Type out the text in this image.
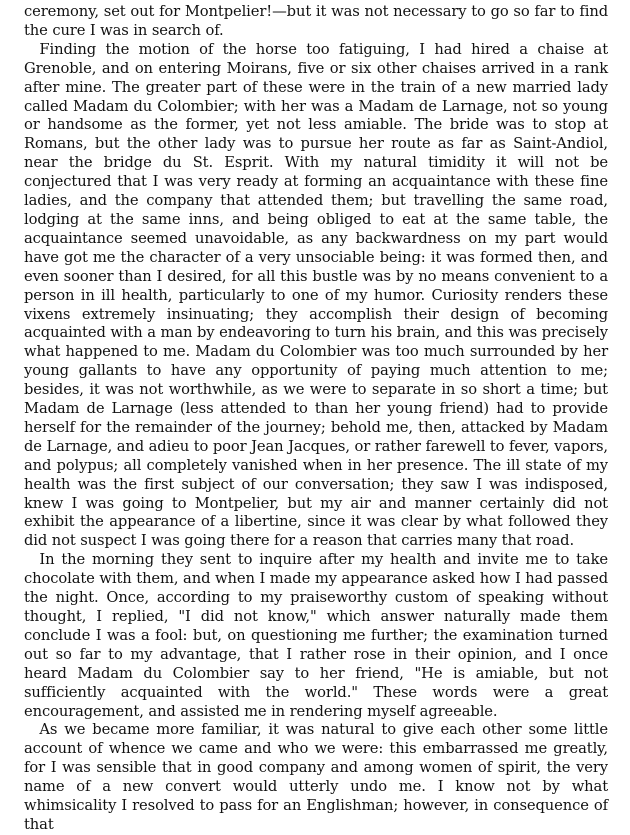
ceremony, set out for Montpelier!—but it was not necessary to go so far to find the cure I was in search of.

Finding the motion of the horse too fatiguing, I had hired a chaise at Grenoble, and on entering Moirans, five or six other chaises arrived in a rank after mine. The greater part of these were in the train of a new married lady called Madam du Colombier; with her was a Madam de Larnage, not so young or handsome as the former, yet not less amiable. The bride was to stop at Romans, but the other lady was to pursue her route as far as Saint-Andiol, near the bridge du St. Esprit. With my natural timidity it will not be conjectured that I was very ready at forming an acquaintance with these fine ladies, and the company that attended them; but travelling the same road, lodging at the same inns, and being obliged to eat at the same table, the acquaintance seemed unavoidable, as any backwardness on my part would have got me the character of a very unsociable being: it was formed then, and even sooner than I desired, for all this bustle was by no means convenient to a person in ill health, particularly to one of my humor. Curiosity renders these vixens extremely insinuating; they accomplish their design of becoming acquainted with a man by endeavoring to turn his brain, and this was precisely what happened to me. Madam du Colombier was too much surrounded by her young gallants to have any opportunity of paying much attention to me; besides, it was not worthwhile, as we were to separate in so short a time; but Madam de Larnage (less attended to than her young friend) had to provide herself for the remainder of the journey; behold me, then, attacked by Madam de Larnage, and adieu to poor Jean Jacques, or rather farewell to fever, vapors, and polypus; all completely vanished when in her presence. The ill state of my health was the first subject of our conversation; they saw I was indisposed, knew I was going to Montpelier, but my air and manner certainly did not exhibit the appearance of a libertine, since it was clear by what followed they did not suspect I was going there for a reason that carries many that road.

In the morning they sent to inquire after my health and invite me to take chocolate with them, and when I made my appearance asked how I had passed the night. Once, according to my praiseworthy custom of speaking without thought, I replied, "I did not know," which answer naturally made them conclude I was a fool: but, on questioning me further; the examination turned out so far to my advantage, that I rather rose in their opinion, and I once heard Madam du Colombier say to her friend, "He is amiable, but not sufficiently acquainted with the world." These words were a great encouragement, and assisted me in rendering myself agreeable.

As we became more familiar, it was natural to give each other some little account of whence we came and who we were: this embarrassed me greatly, for I was sensible that in good company and among women of spirit, the very name of a new convert would utterly undo me. I know not by what whimsicality I resolved to pass for an Englishman; however, in consequence of that
